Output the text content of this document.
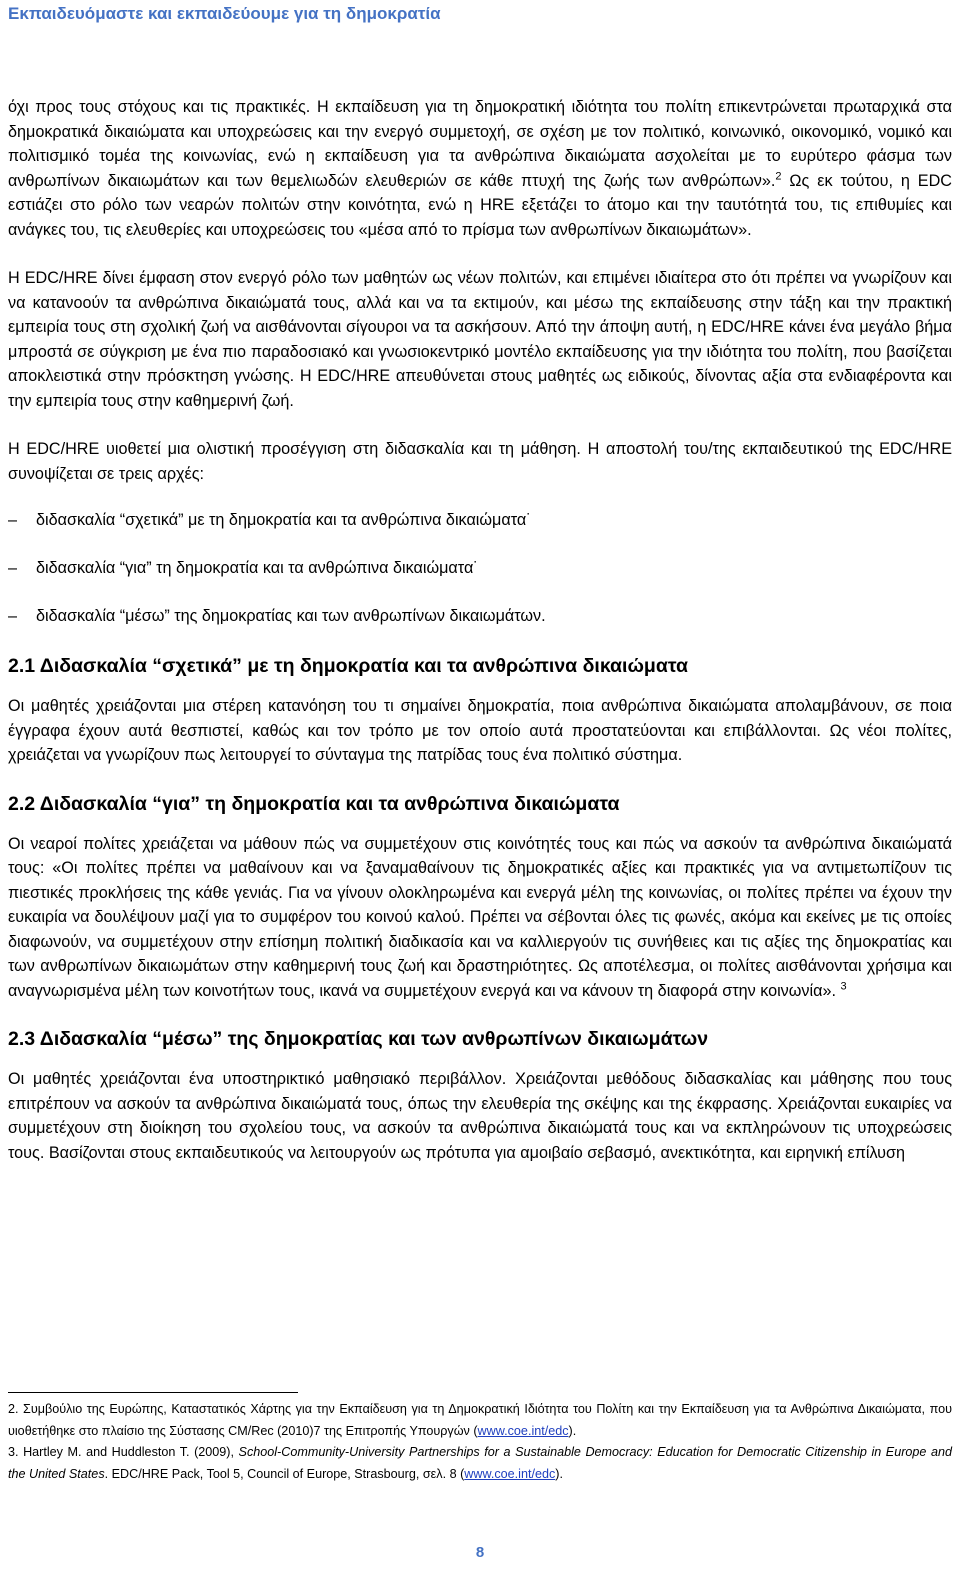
Εκπαιδευόμαστε και εκπαιδεύουμε για τη δημοκρατία

όχι προς τους στόχους και τις πρακτικές. Η εκπαίδευση για τη δημοκρατική ιδιότητα του πολίτη επικεντρώνεται πρωταρχικά στα δημοκρατικά δικαιώματα και υποχρεώσεις και την ενεργό συμμετοχή, σε σχέση με τον πολιτικό, κοινωνικό, οικονομικό, νομικό και πολιτισμικό τομέα της κοινωνίας, ενώ η εκπαίδευση για τα ανθρώπινα δικαιώματα ασχολείται με το ευρύτερο φάσμα των ανθρωπίνων δικαιωμάτων και των θεμελιωδών ελευθεριών σε κάθε πτυχή της ζωής των ανθρώπων».$^2$ Ως εκ τούτου, η EDC εστιάζει στο ρόλο των νεαρών πολιτών στην κοινότητα, ενώ η HRE εξετάζει το άτομο και την ταυτότητά του, τις επιθυμίες και ανάγκες του, τις ελευθερίες και υποχρεώσεις του «μέσα από το πρίσμα των ανθρωπίνων δικαιωμάτων».

Η EDC/HRE δίνει έμφαση στον ενεργό ρόλο των μαθητών ως νέων πολιτών, και επιμένει ιδιαίτερα στο ότι πρέπει να γνωρίζουν και να κατανοούν τα ανθρώπινα δικαιώματά τους, αλλά και να τα εκτιμούν, και μέσω της εκπαίδευσης στην τάξη και την πρακτική εμπειρία τους στη σχολική ζωή να αισθάνονται σίγουροι να τα ασκήσουν. Από την άποψη αυτή, η EDC/HRE κάνει ένα μεγάλο βήμα μπροστά σε σύγκριση με ένα πιο παραδοσιακό και γνωσιοκεντρικό μοντέλο εκπαίδευσης για την ιδιότητα του πολίτη, που βασίζεται αποκλειστικά στην πρόσκτηση γνώσης. Η EDC/HRE απευθύνεται στους μαθητές ως ειδικούς, δίνοντας αξία στα ενδιαφέροντα και την εμπειρία τους στην καθημερινή ζωή.

Η EDC/HRE υιοθετεί μια ολιστική προσέγγιση στη διδασκαλία και τη μάθηση. Η αποστολή του/της εκπαιδευτικού της EDC/HRE συνοψίζεται σε τρεις αρχές:

– διδασκαλία “σχετικά” με τη δημοκρατία και τα ανθρώπινα δικαιώματα˙
– διδασκαλία “για” τη δημοκρατία και τα ανθρώπινα δικαιώματα˙
– διδασκαλία “μέσω” της δημοκρατίας και των ανθρωπίνων δικαιωμάτων.
2.1 Διδασκαλία “σχετικά” με τη δημοκρατία και τα ανθρώπινα δικαιώματα

Οι μαθητές χρειάζονται μια στέρεη κατανόηση του τι σημαίνει δημοκρατία, ποια ανθρώπινα δικαιώματα απολαμβάνουν, σε ποια έγγραφα έχουν αυτά θεσπιστεί, καθώς και τον τρόπο με τον οποίο αυτά προστατεύονται και επιβάλλονται. Ως νέοι πολίτες, χρειάζεται να γνωρίζουν πως λειτουργεί το σύνταγμα της πατρίδας τους ένα πολιτικό σύστημα.

2.2 Διδασκαλία “για” τη δημοκρατία και τα ανθρώπινα δικαιώματα

Οι νεαροί πολίτες χρειάζεται να μάθουν πώς να συμμετέχουν στις κοινότητές τους και πώς να ασκούν τα ανθρώπινα δικαιώματά τους: «Οι πολίτες πρέπει να μαθαίνουν και να ξαναμαθαίνουν τις δημοκρατικές αξίες και πρακτικές για να αντιμετωπίζουν τις πιεστικές προκλήσεις της κάθε γενιάς. Για να γίνουν ολοκληρωμένα και ενεργά μέλη της κοινωνίας, οι πολίτες πρέπει να έχουν την ευκαιρία να δουλέψουν μαζί για το συμφέρον του κοινού καλού. Πρέπει να σέβονται όλες τις φωνές, ακόμα και εκείνες με τις οποίες διαφωνούν, να συμμετέχουν στην επίσημη πολιτική διαδικασία και να καλλιεργούν τις συνήθειες και τις αξίες της δημοκρατίας και των ανθρωπίνων δικαιωμάτων στην καθημερινή τους ζωή και δραστηριότητες. Ως αποτέλεσμα, οι πολίτες αισθάνονται χρήσιμα και αναγνωρισμένα μέλη των κοινοτήτων τους, ικανά να συμμετέχουν ενεργά και να κάνουν τη διαφορά στην κοινωνία». $^3$

2.3 Διδασκαλία “μέσω” της δημοκρατίας και των ανθρωπίνων δικαιωμάτων

Οι μαθητές χρειάζονται ένα υποστηρικτικό μαθησιακό περιβάλλον. Χρειάζονται μεθόδους διδασκαλίας και μάθησης που τους επιτρέπουν να ασκούν τα ανθρώπινα δικαιώματά τους, όπως την ελευθερία της σκέψης και της έκφρασης. Χρειάζονται ευκαιρίες να συμμετέχουν στη διοίκηση του σχολείου τους, να ασκούν τα ανθρώπινα δικαιώματά τους και να εκπληρώνουν τις υποχρεώσεις τους. Βασίζονται στους εκπαιδευτικούς να λειτουργούν ως πρότυπα για αμοιβαίο σεβασμό, ανεκτικότητα, και ειρηνική επίλυση

2. Συμβούλιο της Ευρώπης, Καταστατικός Χάρτης για την Εκπαίδευση για τη Δημοκρατική Ιδιότητα του Πολίτη και την Εκπαίδευση για τα Ανθρώπινα Δικαιώματα, που υιοθετήθηκε στο πλαίσιο της Σύστασης CM/Rec (2010)7 της Επιτροπής Υπουργών (www.coe.int/edc).

3. Hartley M. and Huddleston T. (2009), School-Community-University Partnerships for a Sustainable Democracy: Education for Democratic Citizenship in Europe and the United States. EDC/HRE Pack, Tool 5, Council of Europe, Strasbourg, σελ. 8 (www.coe.int/edc).

8
